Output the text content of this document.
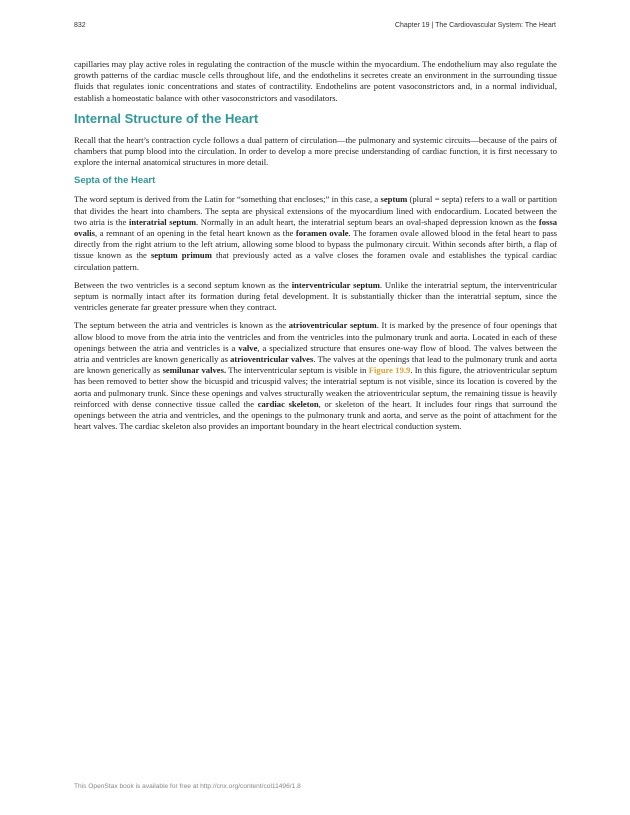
832	Chapter 19 | The Cardiovascular System: The Heart

capillaries may play active roles in regulating the contraction of the muscle within the myocardium. The endothelium may also regulate the growth patterns of the cardiac muscle cells throughout life, and the endothelins it secretes create an environment in the surrounding tissue fluids that regulates ionic concentrations and states of contractility. Endothelins are potent vasoconstrictors and, in a normal individual, establish a homeostatic balance with other vasoconstrictors and vasodilators.

Internal Structure of the Heart

Recall that the heart’s contraction cycle follows a dual pattern of circulation—the pulmonary and systemic circuits—because of the pairs of chambers that pump blood into the circulation. In order to develop a more precise understanding of cardiac function, it is first necessary to explore the internal anatomical structures in more detail.

Septa of the Heart

The word septum is derived from the Latin for “something that encloses;” in this case, a septum (plural = septa) refers to a wall or partition that divides the heart into chambers. The septa are physical extensions of the myocardium lined with endocardium. Located between the two atria is the interatrial septum. Normally in an adult heart, the interatrial septum bears an oval-shaped depression known as the fossa ovalis, a remnant of an opening in the fetal heart known as the foramen ovale. The foramen ovale allowed blood in the fetal heart to pass directly from the right atrium to the left atrium, allowing some blood to bypass the pulmonary circuit. Within seconds after birth, a flap of tissue known as the septum primum that previously acted as a valve closes the foramen ovale and establishes the typical cardiac circulation pattern.

Between the two ventricles is a second septum known as the interventricular septum. Unlike the interatrial septum, the interventricular septum is normally intact after its formation during fetal development. It is substantially thicker than the interatrial septum, since the ventricles generate far greater pressure when they contract.

The septum between the atria and ventricles is known as the atrioventricular septum. It is marked by the presence of four openings that allow blood to move from the atria into the ventricles and from the ventricles into the pulmonary trunk and aorta. Located in each of these openings between the atria and ventricles is a valve, a specialized structure that ensures one-way flow of blood. The valves between the atria and ventricles are known generically as atrioventricular valves. The valves at the openings that lead to the pulmonary trunk and aorta are known generically as semilunar valves. The interventricular septum is visible in Figure 19.9. In this figure, the atrioventricular septum has been removed to better show the bicuspid and tricuspid valves; the interatrial septum is not visible, since its location is covered by the aorta and pulmonary trunk. Since these openings and valves structurally weaken the atrioventricular septum, the remaining tissue is heavily reinforced with dense connective tissue called the cardiac skeleton, or skeleton of the heart. It includes four rings that surround the openings between the atria and ventricles, and the openings to the pulmonary trunk and aorta, and serve as the point of attachment for the heart valves. The cardiac skeleton also provides an important boundary in the heart electrical conduction system.

This OpenStax book is available for free at http://cnx.org/content/col11496/1.8
